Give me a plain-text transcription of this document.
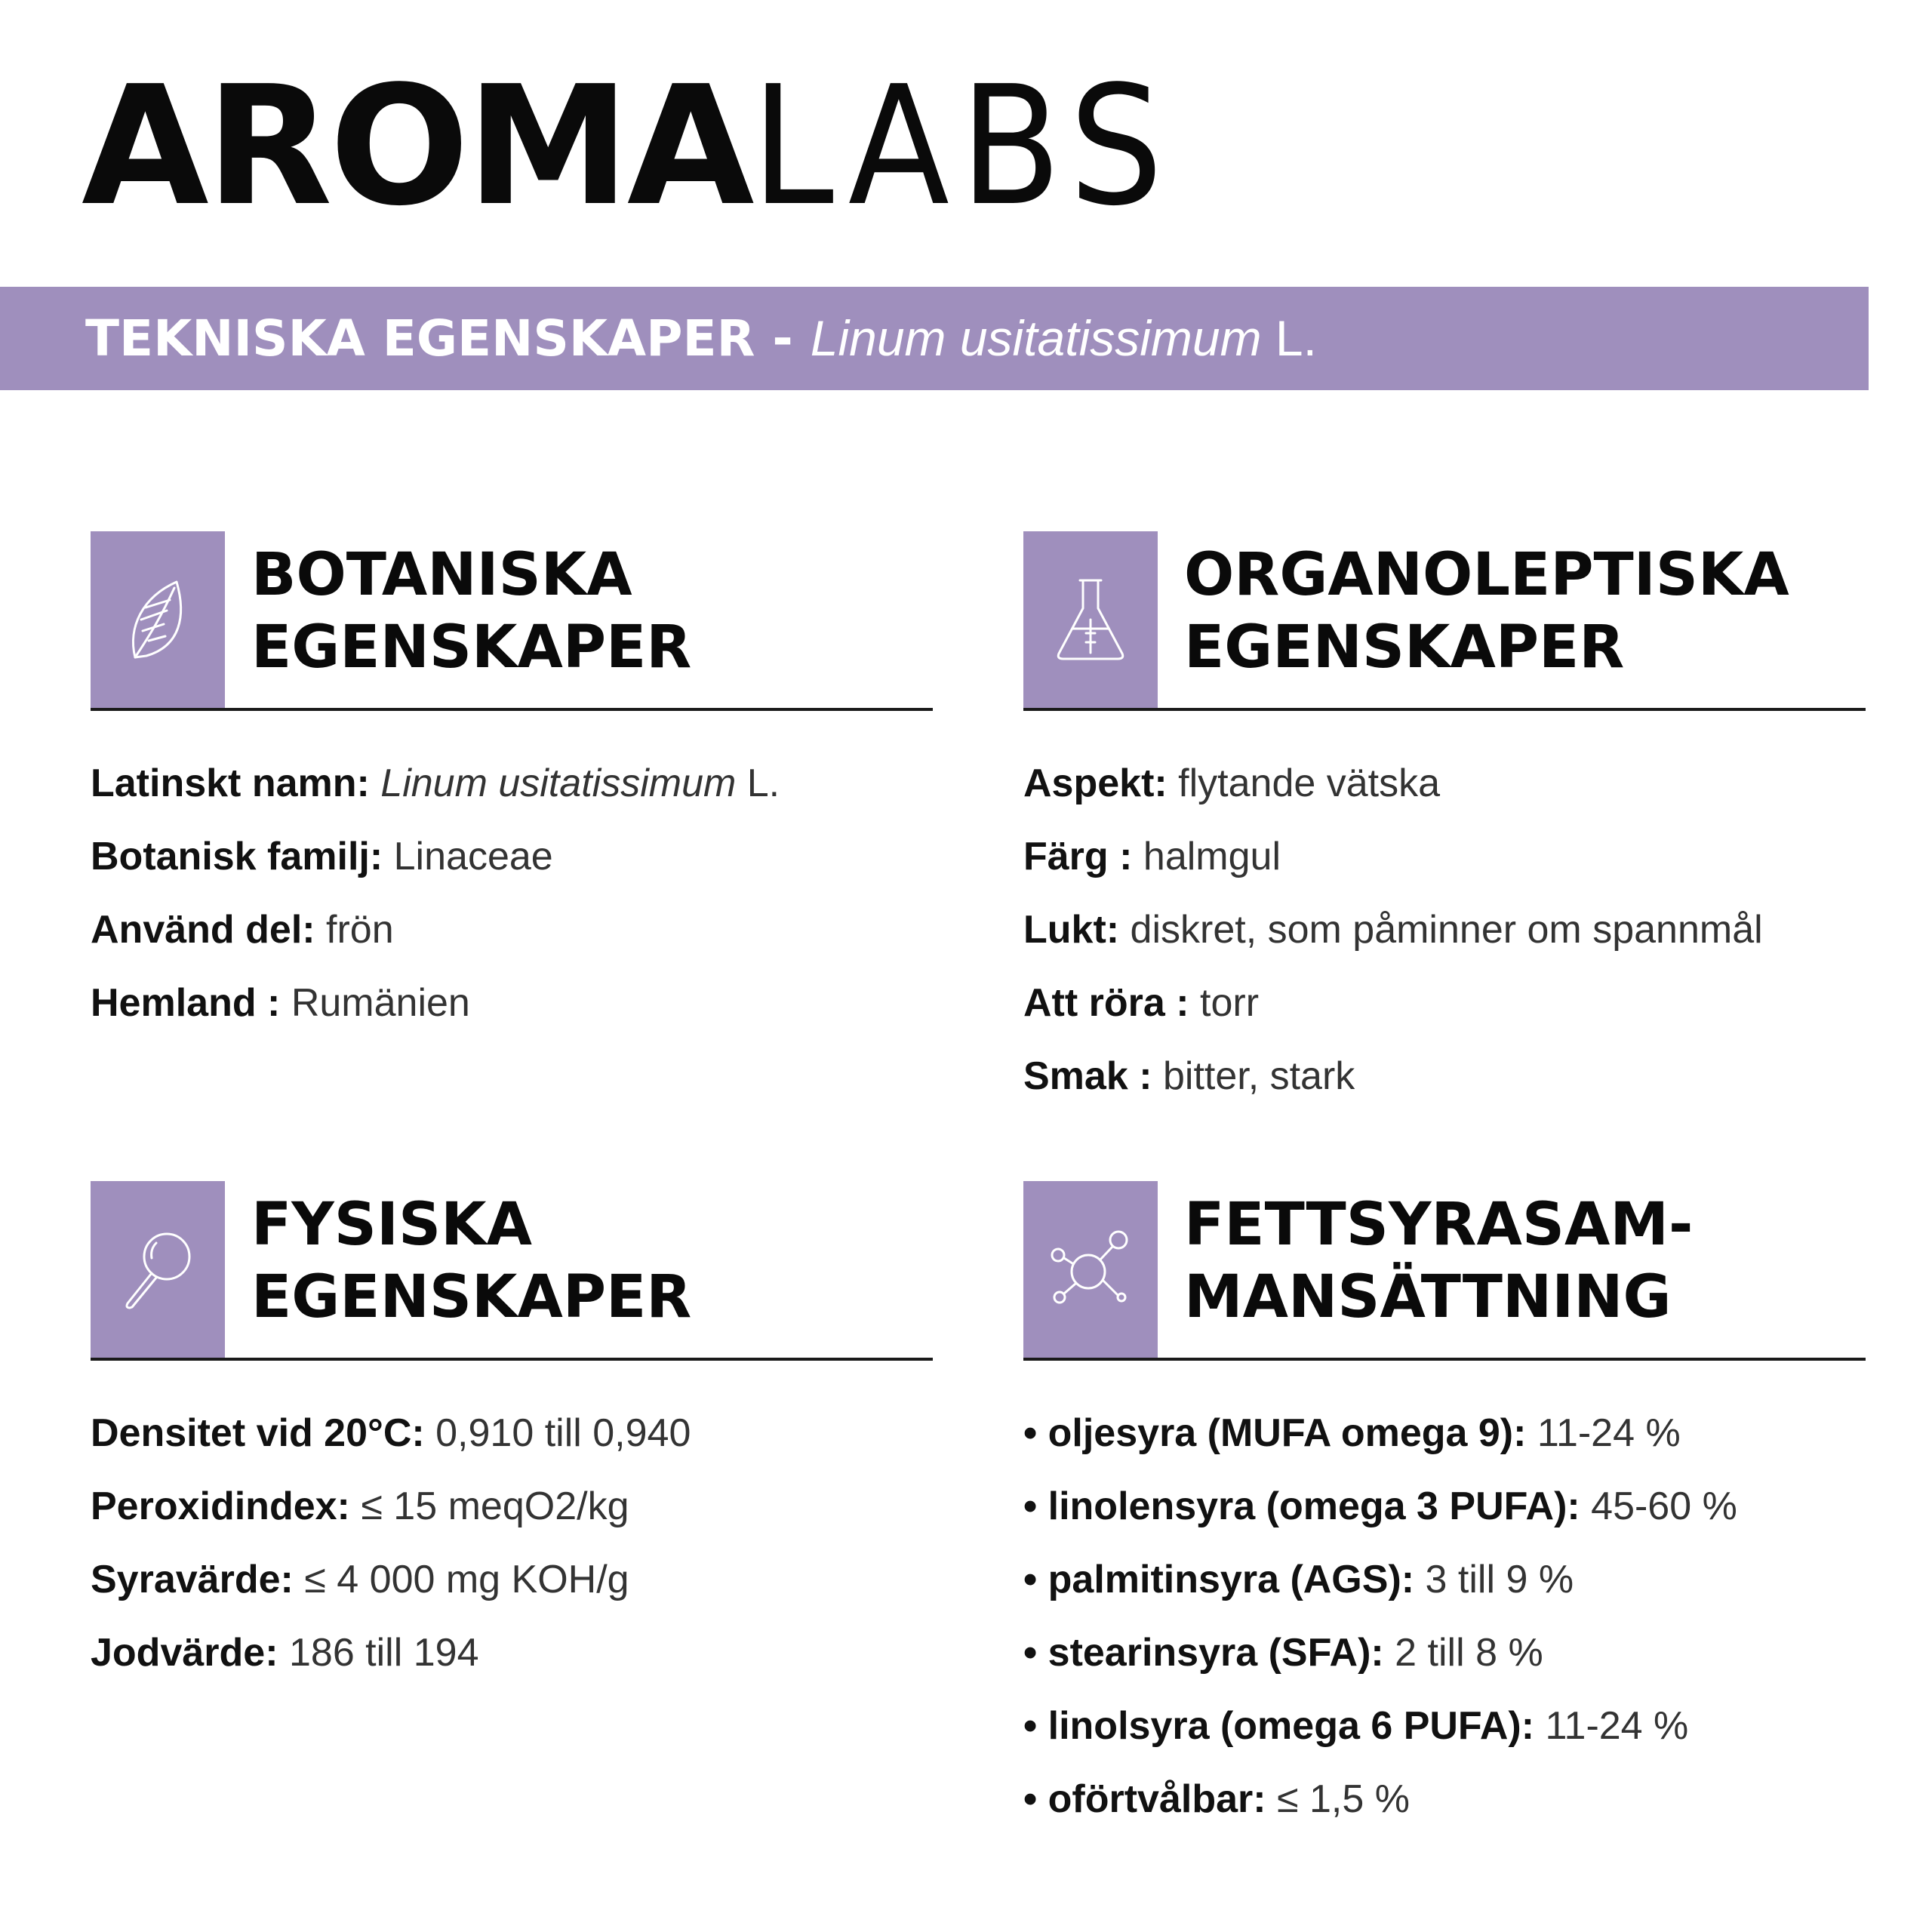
AROMALABS
TEKNISKA EGENSKAPER - Linum usitatissimum L.
BOTANISKA
EGENSKAPER
Latinskt namn: Linum usitatissimum L.
Botanisk familj: Linaceae
Använd del: frön
Hemland : Rumänien
ORGANOLEPTISKA
EGENSKAPER
Aspekt: flytande vätska
Färg : halmgul
Lukt: diskret, som påminner om spannmål
Att röra : torr
Smak : bitter, stark
FYSISKA
EGENSKAPER
Densitet vid 20°C: 0,910 till 0,940
Peroxidindex: ≤ 15 meqO2/kg
Syravärde: ≤ 4 000 mg KOH/g
Jodvärde: 186 till 194
FETTSYRASAM-
MANSÄTTNING
• oljesyra (MUFA omega 9): 11-24 %
• linolensyra (omega 3 PUFA): 45-60 %
• palmitinsyra (AGS): 3 till 9 %
• stearinsyra (SFA): 2 till 8 %
• linolsyra (omega 6 PUFA): 11-24 %
• oförtvålbar: ≤ 1,5 %
